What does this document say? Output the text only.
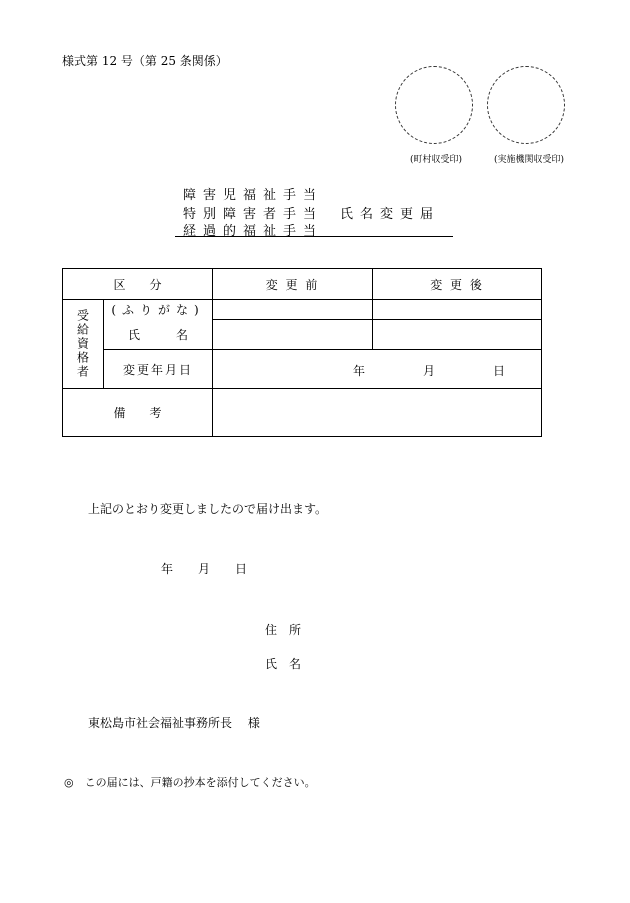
様式第 12 号（第 25 条関係）
(町村収受印)	(実施機関収受印)
障害児福祉手当
特別障害者手当 氏名変更届
経過的福祉手当
区　　分		変 更 前	変 更 後

受給資格者	(ふりがな)		
	氏　　　名		
	変更年月日	年 月 日	

備　　考			
上記のとおり変更しましたので届け出ます。
年 月 日
住　所
氏　名
東松島市社会福祉事務所長　 様
◎　この届には、戸籍の抄本を添付してください。
